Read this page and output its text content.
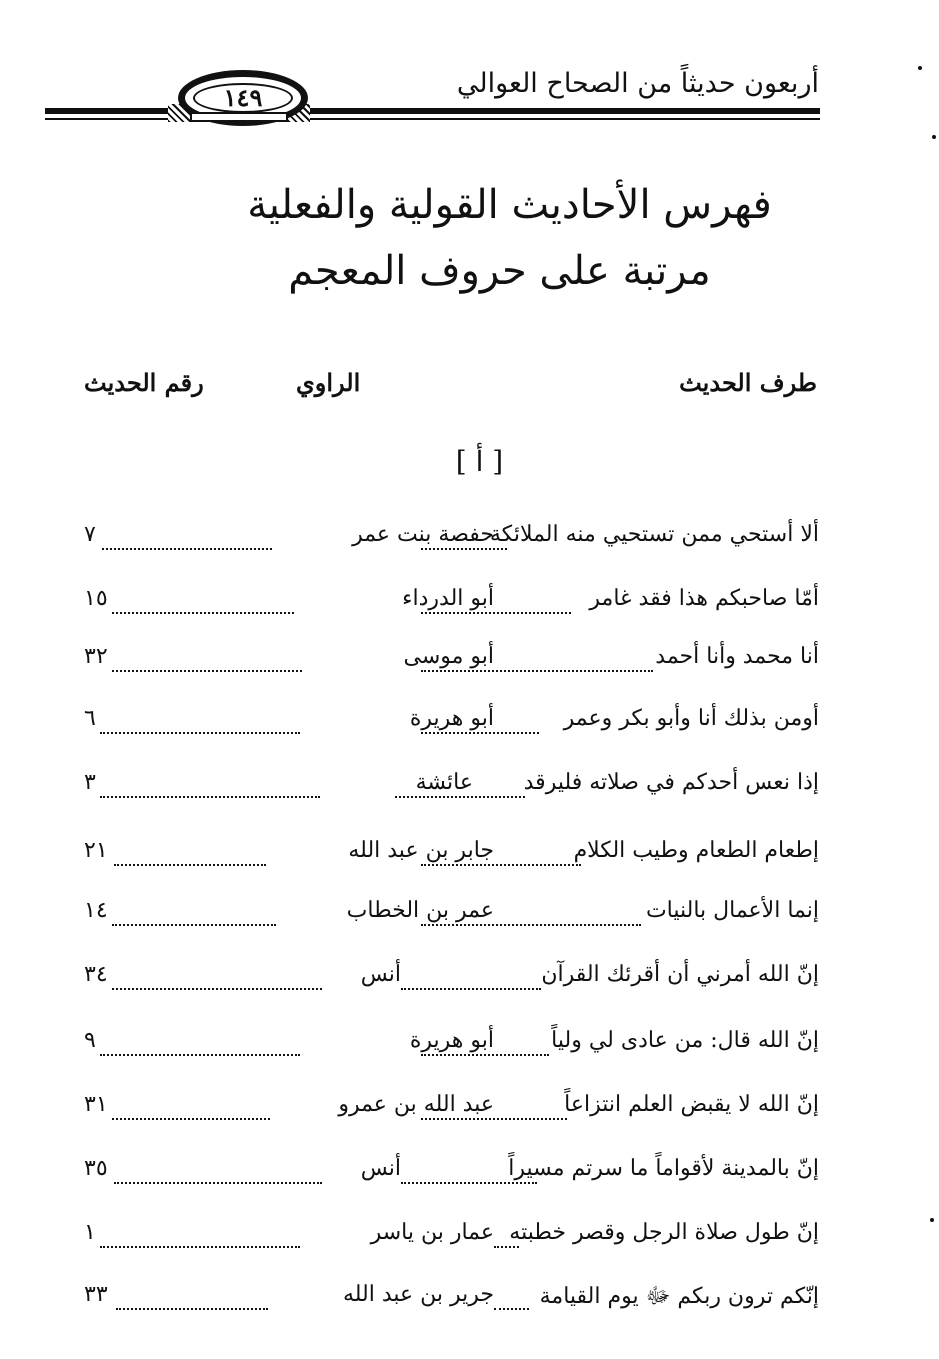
أربعون حديثاً من الصحاح العوالي
١٤٩
فهرس الأحاديث القولية والفعلية
مرتبة على حروف المعجم
طرف الحديث
الراوي
رقم الحديث
[ أ ]
ألا أستحي ممن تستحيي منه الملائكة
حفصة بنت عمر
٧
أمّا صاحبكم هذا فقد غامر
أبو الدرداء
١٥
أنا محمد وأنا أحمد
أبو موسى
٣٢
أومن بذلك أنا وأبو بكر وعمر
أبو هريرة
٦
إذا نعس أحدكم في صلاته فليرقد
عائشة
٣
إطعام الطعام وطيب الكلام
جابر بن عبد الله
٢١
إنما الأعمال بالنيات
عمر بن الخطاب
١٤
إنّ الله أمرني أن أقرئك القرآن
أنس
٣٤
إنّ الله قال: من عادى لي ولياً
أبو هريرة
٩
إنّ الله لا يقبض العلم انتزاعاً
عبد الله بن عمرو
٣١
إنّ بالمدينة لأقواماً ما سرتم مسيراً
أنس
٣٥
إنّ طول صلاة الرجل وقصر خطبته
عمار بن ياسر
١
إنّكم ترون ربكم ﷻ يوم القيامة
جرير بن عبد الله
٣٣
